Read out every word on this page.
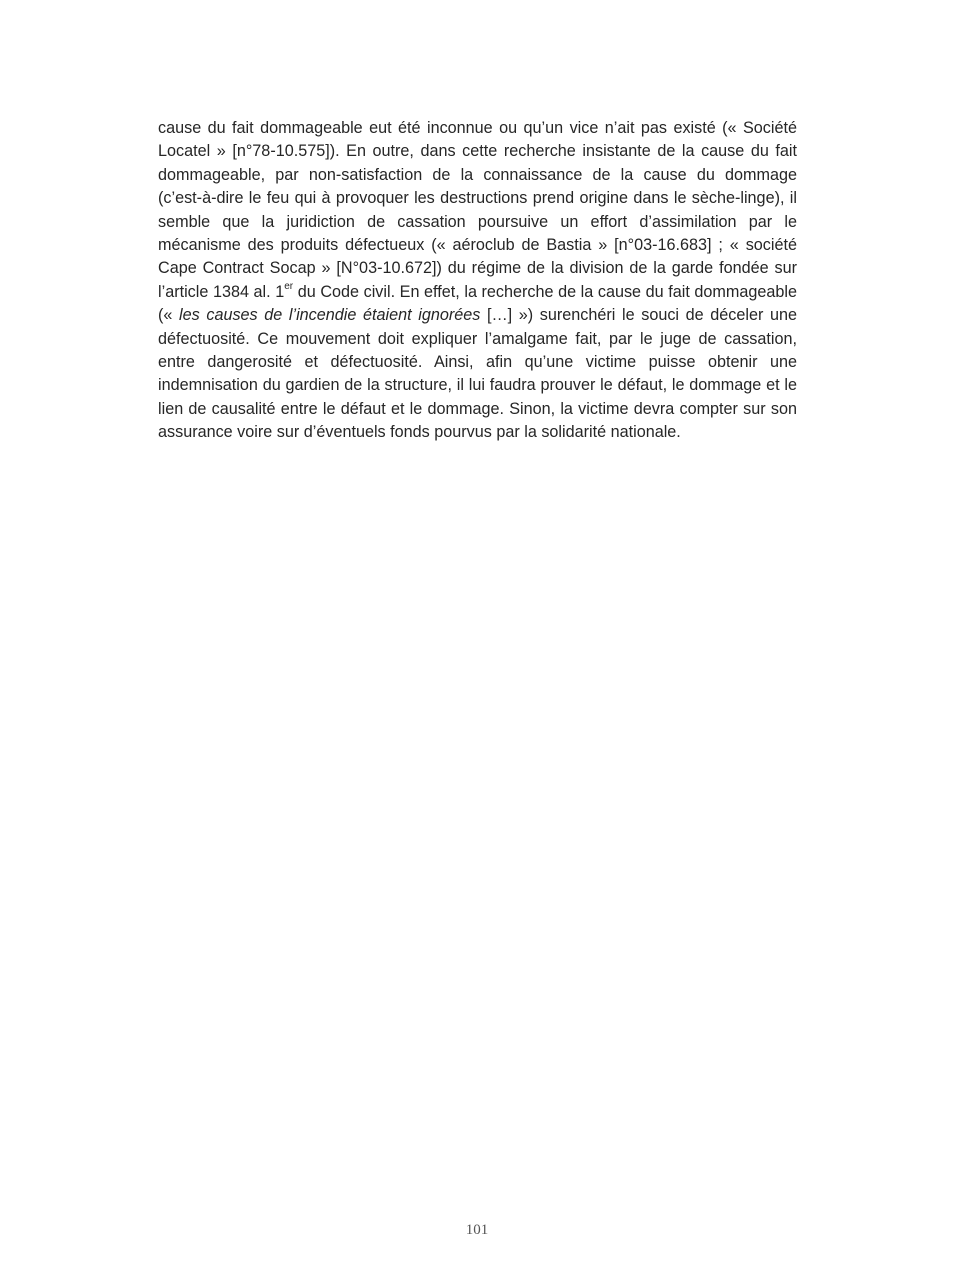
cause du fait dommageable eut été inconnue ou qu’un vice n’ait pas existé (« Société
Locatel » [n°78-10.575]). En outre, dans cette recherche insistante de la cause du fait
dommageable, par non-satisfaction de la connaissance de la cause du dommage
(c’est-à-dire le feu qui à provoquer les destructions prend origine dans le sèche-linge), il
semble que la juridiction de cassation poursuive un effort d’assimilation par le
mécanisme des produits défectueux (« aéroclub de Bastia » [n°03-16.683] ; « société
Cape Contract Socap » [N°03-10.672]) du régime de la division de la garde fondée sur
l’article 1384 al. 1er du Code civil. En effet, la recherche de la cause du fait dommageable
(« les causes de l’incendie étaient ignorées […] ») surenchéri le souci de déceler une
défectuosité. Ce mouvement doit expliquer l’amalgame fait, par le juge de cassation,
entre dangerosité et défectuosité. Ainsi, afin qu’une victime puisse obtenir une
indemnisation du gardien de la structure, il lui faudra prouver le défaut, le dommage et le
lien de causalité entre le défaut et le dommage. Sinon, la victime devra compter sur son
assurance voire sur d’éventuels fonds pourvus par la solidarité nationale.
101
